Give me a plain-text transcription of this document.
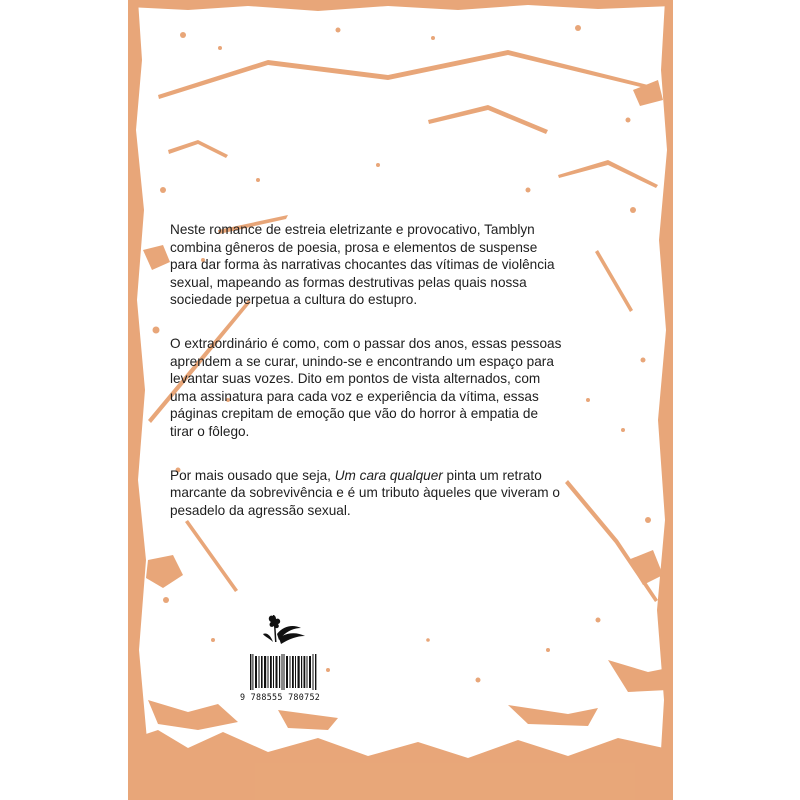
Neste romance de estreia eletrizante e provocativo, Tamblyn combina gêneros de poesia, prosa e elementos de suspense para dar forma às narrativas chocantes das vítimas de violência sexual, mapeando as formas destrutivas pelas quais nossa sociedade perpetua a cultura do estupro.

O extraordinário é como, com o passar dos anos, essas pessoas aprendem a se curar, unindo-se e encontrando um espaço para levantar suas vozes. Dito em pontos de vista alternados, com uma assinatura para cada voz e experiência da vítima, essas páginas crepitam de emoção que vão do horror à empatia de tirar o fôlego.

Por mais ousado que seja, Um cara qualquer pinta um retrato marcante da sobrevivência e é um tributo àqueles que viveram o pesadelo da agressão sexual.

9 788555 780752
